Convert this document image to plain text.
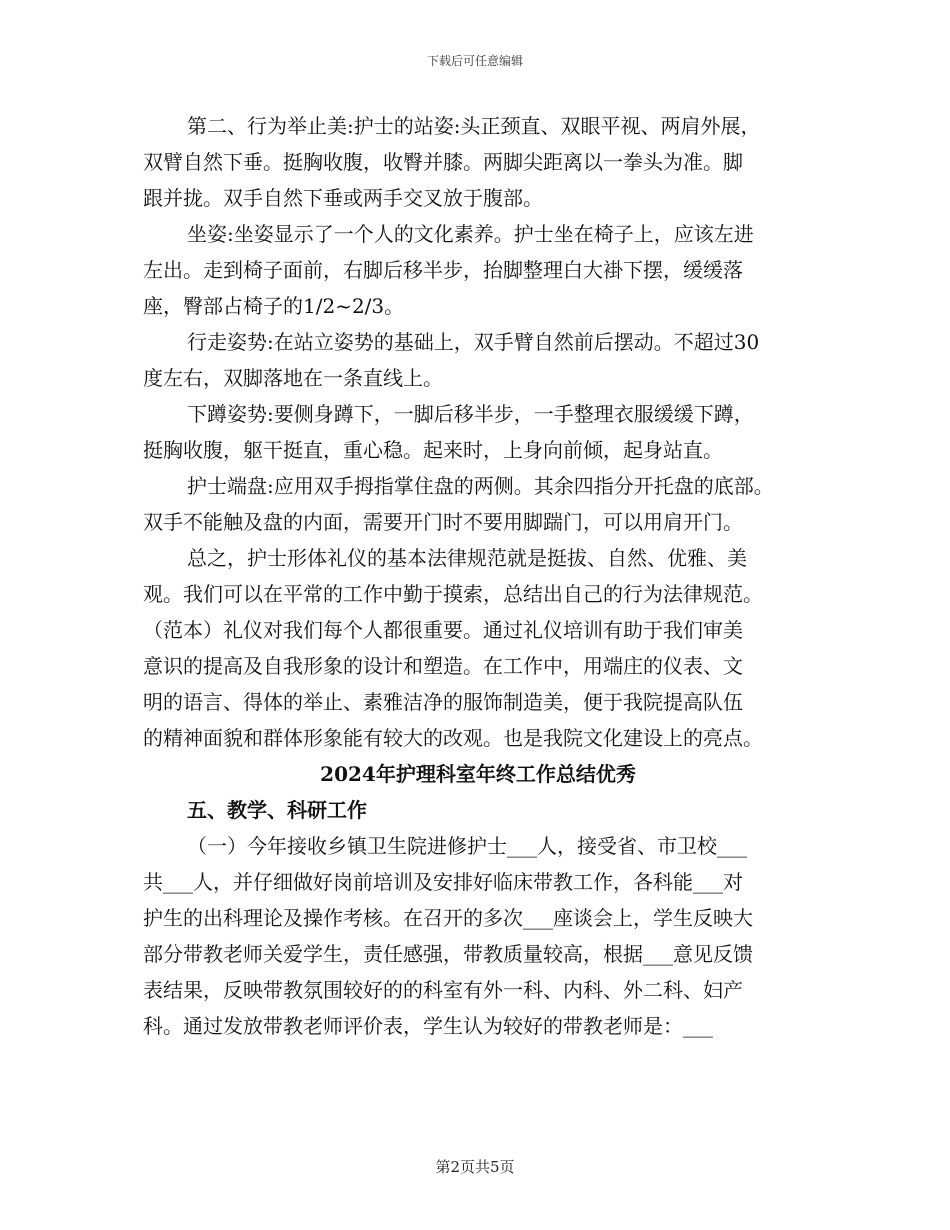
下载后可任意编辑
第二、行为举止美:护士的站姿:头正颈直、双眼平视、两肩外展，
双臂自然下垂。挺胸收腹，收臀并膝。两脚尖距离以一拳头为准。脚
跟并拢。双手自然下垂或两手交叉放于腹部。
坐姿:坐姿显示了一个人的文化素养。护士坐在椅子上，应该左进
左出。走到椅子面前，右脚后移半步，抬脚整理白大褂下摆，缓缓落
座，臀部占椅子的1/2~2/3。
行走姿势:在站立姿势的基础上，双手臂自然前后摆动。不超过30
度左右，双脚落地在一条直线上。
下蹲姿势:要侧身蹲下，一脚后移半步，一手整理衣服缓缓下蹲，
挺胸收腹，躯干挺直，重心稳。起来时，上身向前倾，起身站直。
护士端盘:应用双手拇指掌住盘的两侧。其余四指分开托盘的底部。
双手不能触及盘的内面，需要开门时不要用脚踹门，可以用肩开门。
总之，护士形体礼仪的基本法律规范就是挺拔、自然、优雅、美
观。我们可以在平常的工作中勤于摸索，总结出自己的行为法律规范。
（范本）礼仪对我们每个人都很重要。通过礼仪培训有助于我们审美
意识的提高及自我形象的设计和塑造。在工作中，用端庄的仪表、文
明的语言、得体的举止、素雅洁净的服饰制造美，便于我院提高队伍
的精神面貌和群体形象能有较大的改观。也是我院文化建设上的亮点。
2024年护理科室年终工作总结优秀
五、教学、科研工作
（一）今年接收乡镇卫生院进修护士___人，接受省、市卫校___
共___人，并仔细做好岗前培训及安排好临床带教工作，各科能___对
护生的出科理论及操作考核。在召开的多次___座谈会上，学生反映大
部分带教老师关爱学生，责任感强，带教质量较高，根据___意见反馈
表结果，反映带教氛围较好的的科室有外一科、内科、外二科、妇产
科。通过发放带教老师评价表，学生认为较好的带教老师是：___
第2页共5页
